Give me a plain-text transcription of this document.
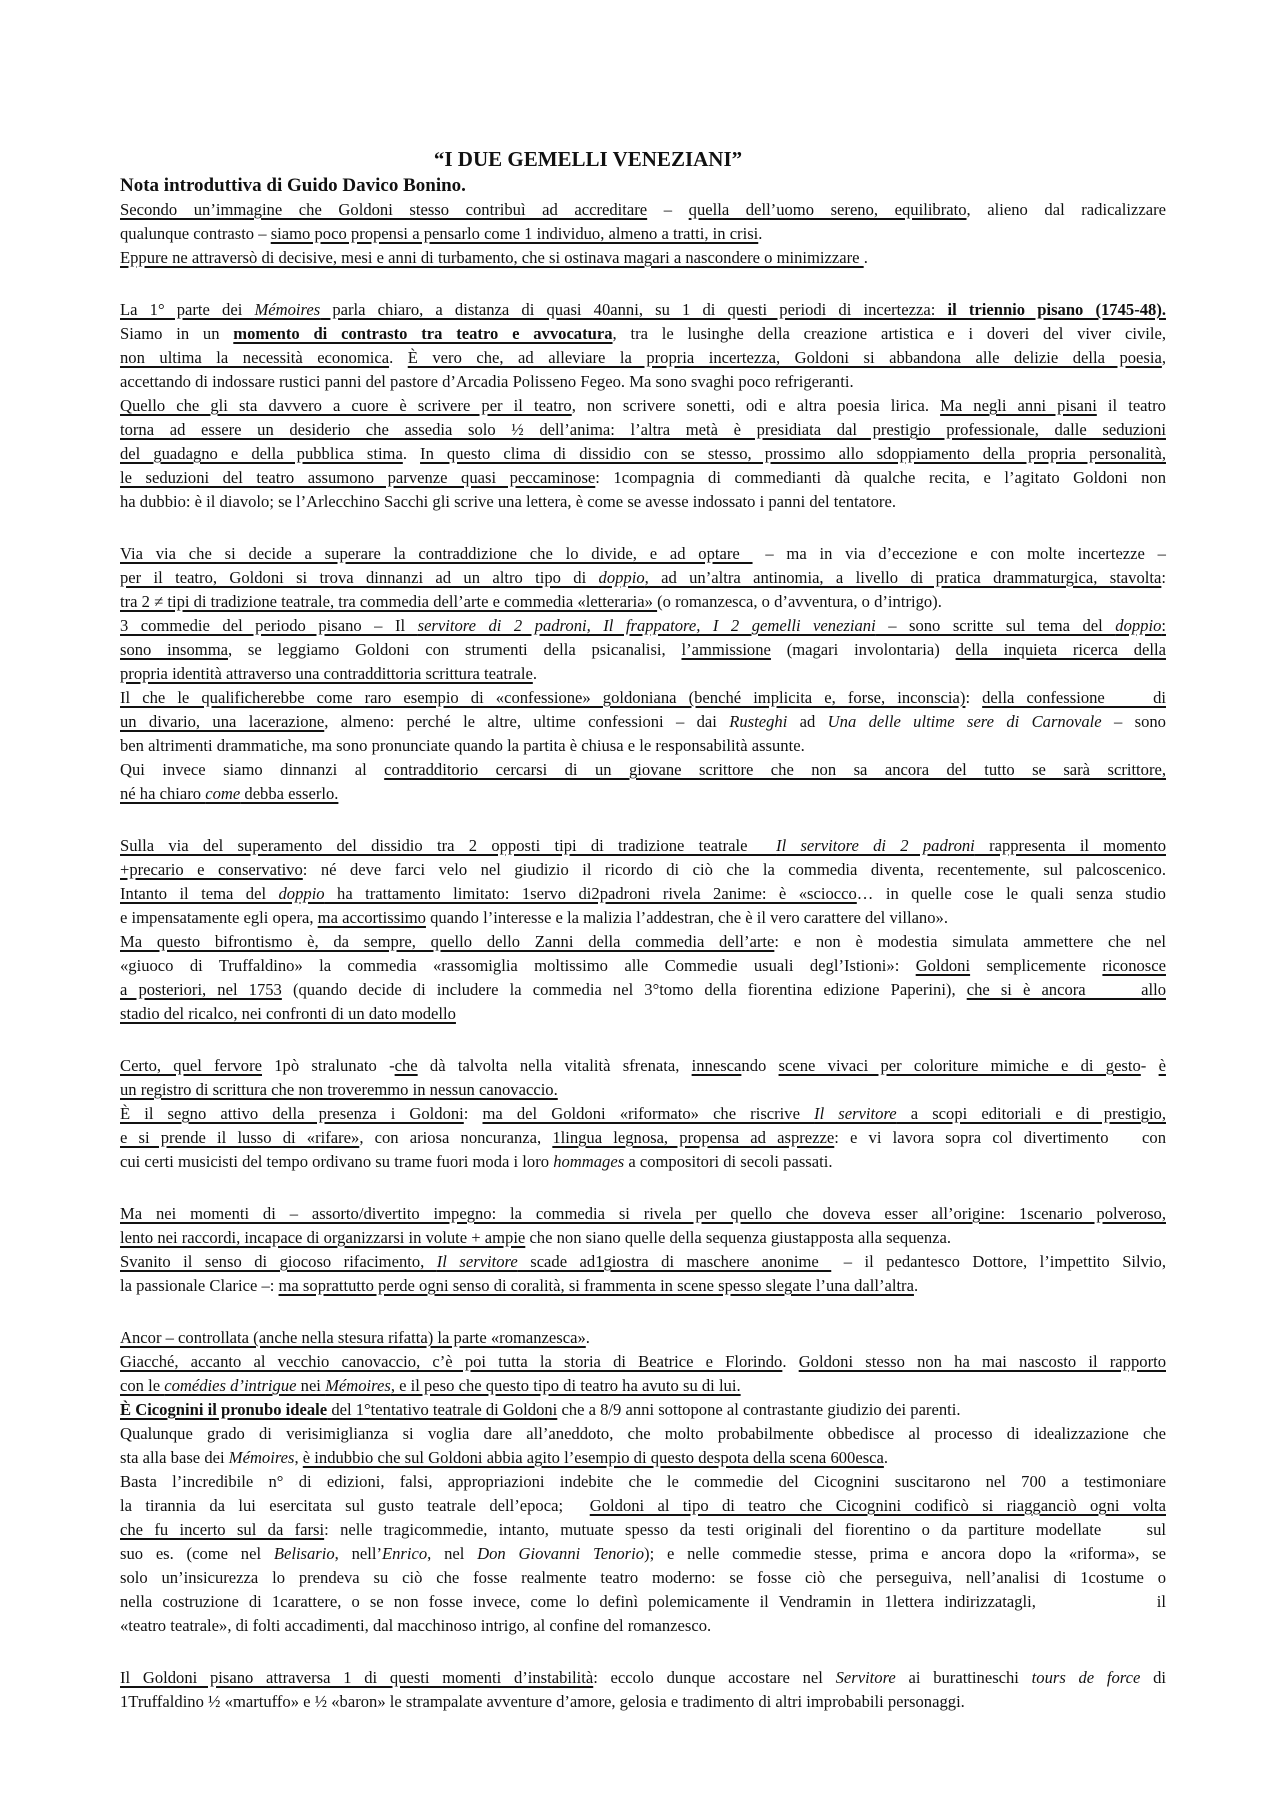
“I DUE GEMELLI VENEZIANI”
Nota introduttiva di Guido Davico Bonino.
Secondo un’immagine che Goldoni stesso contribuì ad accreditare – quella dell’uomo sereno, equilibrato, alieno dal radicalizzare
qualunque contrasto – siamo poco propensi a pensarlo come 1 individuo, almeno a tratti, in crisi.
Eppure ne attraversò di decisive, mesi e anni di turbamento, che si ostinava magari a nascondere o minimizzare .
La 1° parte dei Mémoires parla chiaro, a distanza di quasi 40anni, su 1 di questi periodi di incertezza: il triennio pisano (1745-48).
Siamo in un momento di contrasto tra teatro e avvocatura, tra le lusinghe della creazione artistica e i doveri del viver civile,
non ultima la necessità economica. È vero che, ad alleviare la propria incertezza, Goldoni si abbandona alle delizie della poesia,
accettando di indossare rustici panni del pastore d’Arcadia Polisseno Fegeo. Ma sono svaghi poco refrigeranti.
Quello che gli sta davvero a cuore è scrivere per il teatro, non scrivere sonetti, odi e altra poesia lirica. Ma negli anni pisani il teatro
torna ad essere un desiderio che assedia solo ½ dell’anima: l’altra metà è presidiata dal prestigio professionale, dalle seduzioni
del guadagno e della pubblica stima. In questo clima di dissidio con se stesso, prossimo allo sdoppiamento della propria personalità,
le seduzioni del teatro assumono parvenze quasi peccaminose: 1compagnia di commedianti dà qualche recita, e l’agitato Goldoni non
ha dubbio: è il diavolo; se l’Arlecchino Sacchi gli scrive una lettera, è come se avesse indossato i panni del tentatore.
Via via che si decide a superare la contraddizione che lo divide, e ad optare  – ma in via d’eccezione e con molte incertezze –
per il teatro, Goldoni si trova dinnanzi ad un altro tipo di doppio, ad un’altra antinomia, a livello di pratica drammaturgica, stavolta:
tra 2 ≠ tipi di tradizione teatrale, tra commedia dell’arte e commedia «letteraria» (o romanzesca, o d’avventura, o d’intrigo).
3 commedie del periodo pisano – Il servitore di 2 padroni, Il frappatore, I 2 gemelli veneziani – sono scritte sul tema del doppio:
sono insomma, se leggiamo Goldoni con strumenti della psicanalisi, l’ammissione (magari involontaria) della inquieta ricerca della
propria identità attraverso una contraddittoria scrittura teatrale.
Il che le qualificherebbe come raro esempio di «confessione» goldoniana (benché implicita e, forse, inconscia): della confessione    di
un divario, una lacerazione, almeno: perché le altre, ultime confessioni – dai Rusteghi ad Una delle ultime sere di Carnovale – sono
ben altrimenti drammatiche, ma sono pronunciate quando la partita è chiusa e le responsabilità assunte.
Qui invece siamo dinnanzi al contradditorio cercarsi di un giovane scrittore che non sa ancora del tutto se sarà scrittore,
né ha chiaro come debba esserlo.
Sulla via del superamento del dissidio tra 2 opposti tipi di tradizione teatrale  Il servitore di 2 padroni rappresenta il momento
+precario e conservativo: né deve farci velo nel giudizio il ricordo di ciò che la commedia diventa, recentemente, sul palcoscenico.
Intanto il tema del doppio ha trattamento limitato: 1servo di2padroni rivela 2anime: è «sciocco… in quelle cose le quali senza studio
e impensatamente egli opera, ma accortissimo quando l’interesse e la malizia l’addestran, che è il vero carattere del villano».
Ma questo bifrontismo è, da sempre, quello dello Zanni della commedia dell’arte: e non è modestia simulata ammettere che nel
«giuoco di Truffaldino» la commedia «rassomiglia moltissimo alle Commedie usuali degl’Istioni»: Goldoni semplicemente riconosce
a posteriori, nel 1753 (quando decide di includere la commedia nel 3°tomo della fiorentina edizione Paperini), che si è ancora     allo
stadio del ricalco, nei confronti di un dato modello
Certo, quel fervore 1pò stralunato -che dà talvolta nella vitalità sfrenata, innescando scene vivaci per coloriture mimiche e di gesto- è
un registro di scrittura che non troveremmo in nessun canovaccio.
È il segno attivo della presenza i Goldoni: ma del Goldoni «riformato» che riscrive Il servitore a scopi editoriali e di prestigio,
e si prende il lusso di «rifare», con ariosa noncuranza, 1lingua legnosa, propensa ad asprezze: e vi lavora sopra col divertimento   con
cui certi musicisti del tempo ordivano su trame fuori moda i loro hommages a compositori di secoli passati.
Ma nei momenti di – assorto/divertito impegno: la commedia si rivela per quello che doveva esser all’origine: 1scenario polveroso,
lento nei raccordi, incapace di organizzarsi in volute + ampie che non siano quelle della sequenza giustapposta alla sequenza.
Svanito il senso di giocoso rifacimento, Il servitore scade ad1giostra di maschere anonime  – il pedantesco Dottore, l’impettito Silvio,
la passionale Clarice –: ma soprattutto perde ogni senso di coralità, si frammenta in scene spesso slegate l’una dall’altra.
Ancor – controllata (anche nella stesura rifatta) la parte «romanzesca».
Giacché, accanto al vecchio canovaccio, c’è poi tutta la storia di Beatrice e Florindo. Goldoni stesso non ha mai nascosto il rapporto
con le comédies d’intrigue nei Mémoires, e il peso che questo tipo di teatro ha avuto su di lui.
È Cicognini il pronubo ideale del 1°tentativo teatrale di Goldoni che a 8/9 anni sottopone al contrastante giudizio dei parenti.
Qualunque grado di verisimiglianza si voglia dare all’aneddoto, che molto probabilmente obbedisce al processo di idealizzazione che
sta alla base dei Mémoires, è indubbio che sul Goldoni abbia agito l’esempio di questo despota della scena 600esca.
Basta l’incredibile n° di edizioni, falsi, appropriazioni indebite che le commedie del Cicognini suscitarono nel 700 a testimoniare
la tirannia da lui esercitata sul gusto teatrale dell’epoca;  Goldoni al tipo di teatro che Cicognini codificò si riagganciò ogni volta
che fu incerto sul da farsi: nelle tragicommedie, intanto, mutuate spesso da testi originali del fiorentino o da partiture modellate    sul
suo es. (come nel Belisario, nell’Enrico, nel Don Giovanni Tenorio); e nelle commedie stesse, prima e ancora dopo la «riforma», se
solo un’insicurezza lo prendeva su ciò che fosse realmente teatro moderno: se fosse ciò che perseguiva, nell’analisi di 1costume o
nella costruzione di 1carattere, o se non fosse invece, come lo definì polemicamente il Vendramin in 1lettera indirizzatagli,            il
«teatro teatrale», di folti accadimenti, dal macchinoso intrigo, al confine del romanzesco.
Il Goldoni pisano attraversa 1 di questi momenti d’instabilità: eccolo dunque accostare nel Servitore ai burattineschi tours de force di
1Truffaldino ½ «martuffo» e ½ «baron» le strampalate avventure d’amore, gelosia e tradimento di altri improbabili personaggi.
